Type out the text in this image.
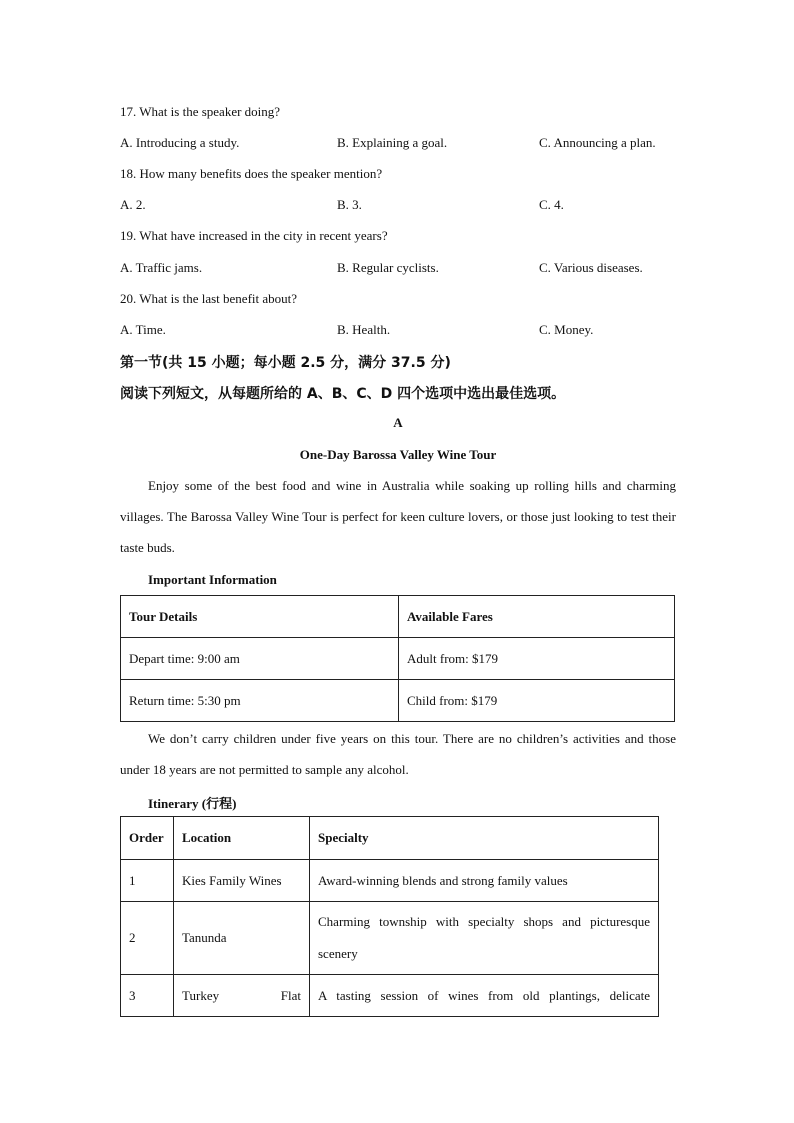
17. What is the speaker doing?
A. Introducing a study.	B. Explaining a goal.	C. Announcing a plan.
18. How many benefits does the speaker mention?
A. 2.	B. 3.	C. 4.
19. What have increased in the city in recent years?
A. Traffic jams.	B. Regular cyclists.	C. Various diseases.
20. What is the last benefit about?
A. Time.	B. Health.	C. Money.
第一节(共 15 小题；每小题 2.5 分，满分 37.5 分)
阅读下列短文，从每题所给的 A、B、C、D 四个选项中选出最佳选项。
A
One-Day Barossa Valley Wine Tour
Enjoy some of the best food and wine in Australia while soaking up rolling hills and charming villages. The Barossa Valley Wine Tour is perfect for keen culture lovers, or those just looking to test their taste buds.
Important Information
Tour Details	Available Fares
Depart time: 9:00 am	Adult from: $179
Return time: 5:30 pm	Child from: $179
We don’t carry children under five years on this tour. There are no children’s activities and those under 18 years are not permitted to sample any alcohol.
Itinerary (行程)
Order	Location	Specialty
1	Kies Family Wines	Award-winning blends and strong family values
2	Tanunda	Charming township with specialty shops and picturesque scenery
3	Turkey Flat	A tasting session of wines from old plantings, delicate
